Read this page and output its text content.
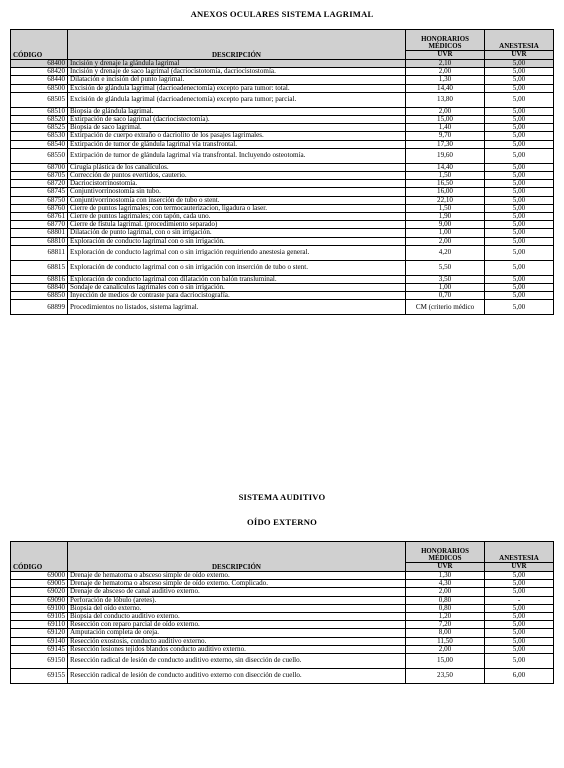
ANEXOS OCULARES SISTEMA LAGRIMAL
CÓDIGO	DESCRIPCIÓN	HONORARIOS MÉDICOS	ANESTESIA
		UVR	UVR
68400	Incisión y drenaje la glándula lagrimal	2,10	5,00
68420	Incisión y drenaje de saco lagrimal (dacriocistotomía, dacriocistostomía.	2,00	5,00
68440	Dilatación e incisión del punto lagrimal.	1,30	5,00
68500	Excisión de glándula lagrimal (dacrioadenectomía) excepto para tumor: total.	14,40	5,00
68505	Excisión de glándula lagrimal (dacrioadenectomía) excepto para tumor; parcial.	13,80	5,00
68510	Biopsia de glándula lagrimal.	2,00	5,00
68520	Extirpación de saco lagrimal (dacriocistectomía).	15,00	5,00
68525	Biopsia de saco lagrimal.	1,40	5,00
68530	Extirpación de cuerpo extraño o dacriolito de los pasajes lagrimales.	9,70	5,00
68540	Extirpación de tumor de glándula lagrimal vía transfrontal.	17,30	5,00
68550	Extirpación de tumor de glándula lagrimal vía transfrontal. Incluyendo osteotomía.	19,60	5,00
68700	Cirugía plástica de los canalículos.	14,40	5,00
68705	Corrección de puntos evertidos, cauterio.	1,50	5,00
68720	Dacriocistorrinostomía.	16,50	5,00
68745	Conjuntivorrinostomía sin tubo.	16,00	5,00
68750	Conjuntivorrinostomía con inserción de tubo o stent.	22,10	5,00
68760	Cierre de puntos lagrimales; con termocauterizacion, ligadura o laser.	1,50	5,00
68761	Cierre de puntos lagrimales; con tapón, cada uno.	1,90	5,00
68770	Cierre de fístula lagrimal. (procedimiento separado)	9,00	5,00
68801	Dilatación de punto lagrimal, con o sin irrigación.	1,00	5,00
68810	Exploración de conducto lagrimal con o sin irrigación.	2,00	5,00
68811	Exploración de conducto lagrimal con o sin irrigación requiriendo anestesia general.	4,20	5,00
68815	Exploración de conducto lagrimal con o sin irrigación con inserción de tubo o stent.	5,50	5,00
68816	Exploración de conducto lagrimal con dilatación con balón transluminal.	3,50	5,00
68840	Sondaje de canalículos lagrimales con o sin irrigación.	1,00	5,00
68850	Inyección de medios de contraste para dacriocistografía.	0,70	5,00
68899	Procedimientos no listados, sistema lagrimal.	CM (criterio médico	5,00
SISTEMA AUDITIVO
OÍDO EXTERNO
CÓDIGO	DESCRIPCIÓN	HONORARIOS MÉDICOS	ANESTESIA
		UVR	UVR
69000	Drenaje de hematoma o absceso simple de oído externo.	1,30	5,00
69005	Drenaje de hematoma o absceso simple de oído externo. Complicado.	4,30	5,00
69020	Drenaje de absceso de canal auditivo externo.	2,00	5,00
69090	Perforación de lóbulo (aretes).	0,80	-
69100	Biopsia del oído externo.	0,80	5,00
69105	Biopsia del conducto auditivo externo.	1,20	5,00
69110	Resección con reparo parcial de oído externo.	7,20	5,00
69120	Amputación completa de oreja.	8,00	5,00
69140	Resección exostosis, conducto auditivo externo.	11,50	5,00
69145	Resección lesiones tejidos blandos conducto auditivo externo.	2,00	5,00
69150	Resección radical de lesión de conducto auditivo externo, sin disección de cuello.	15,00	5,00
69155	Resección radical de lesión de conducto auditivo externo con disección de cuello.	23,50	6,00
